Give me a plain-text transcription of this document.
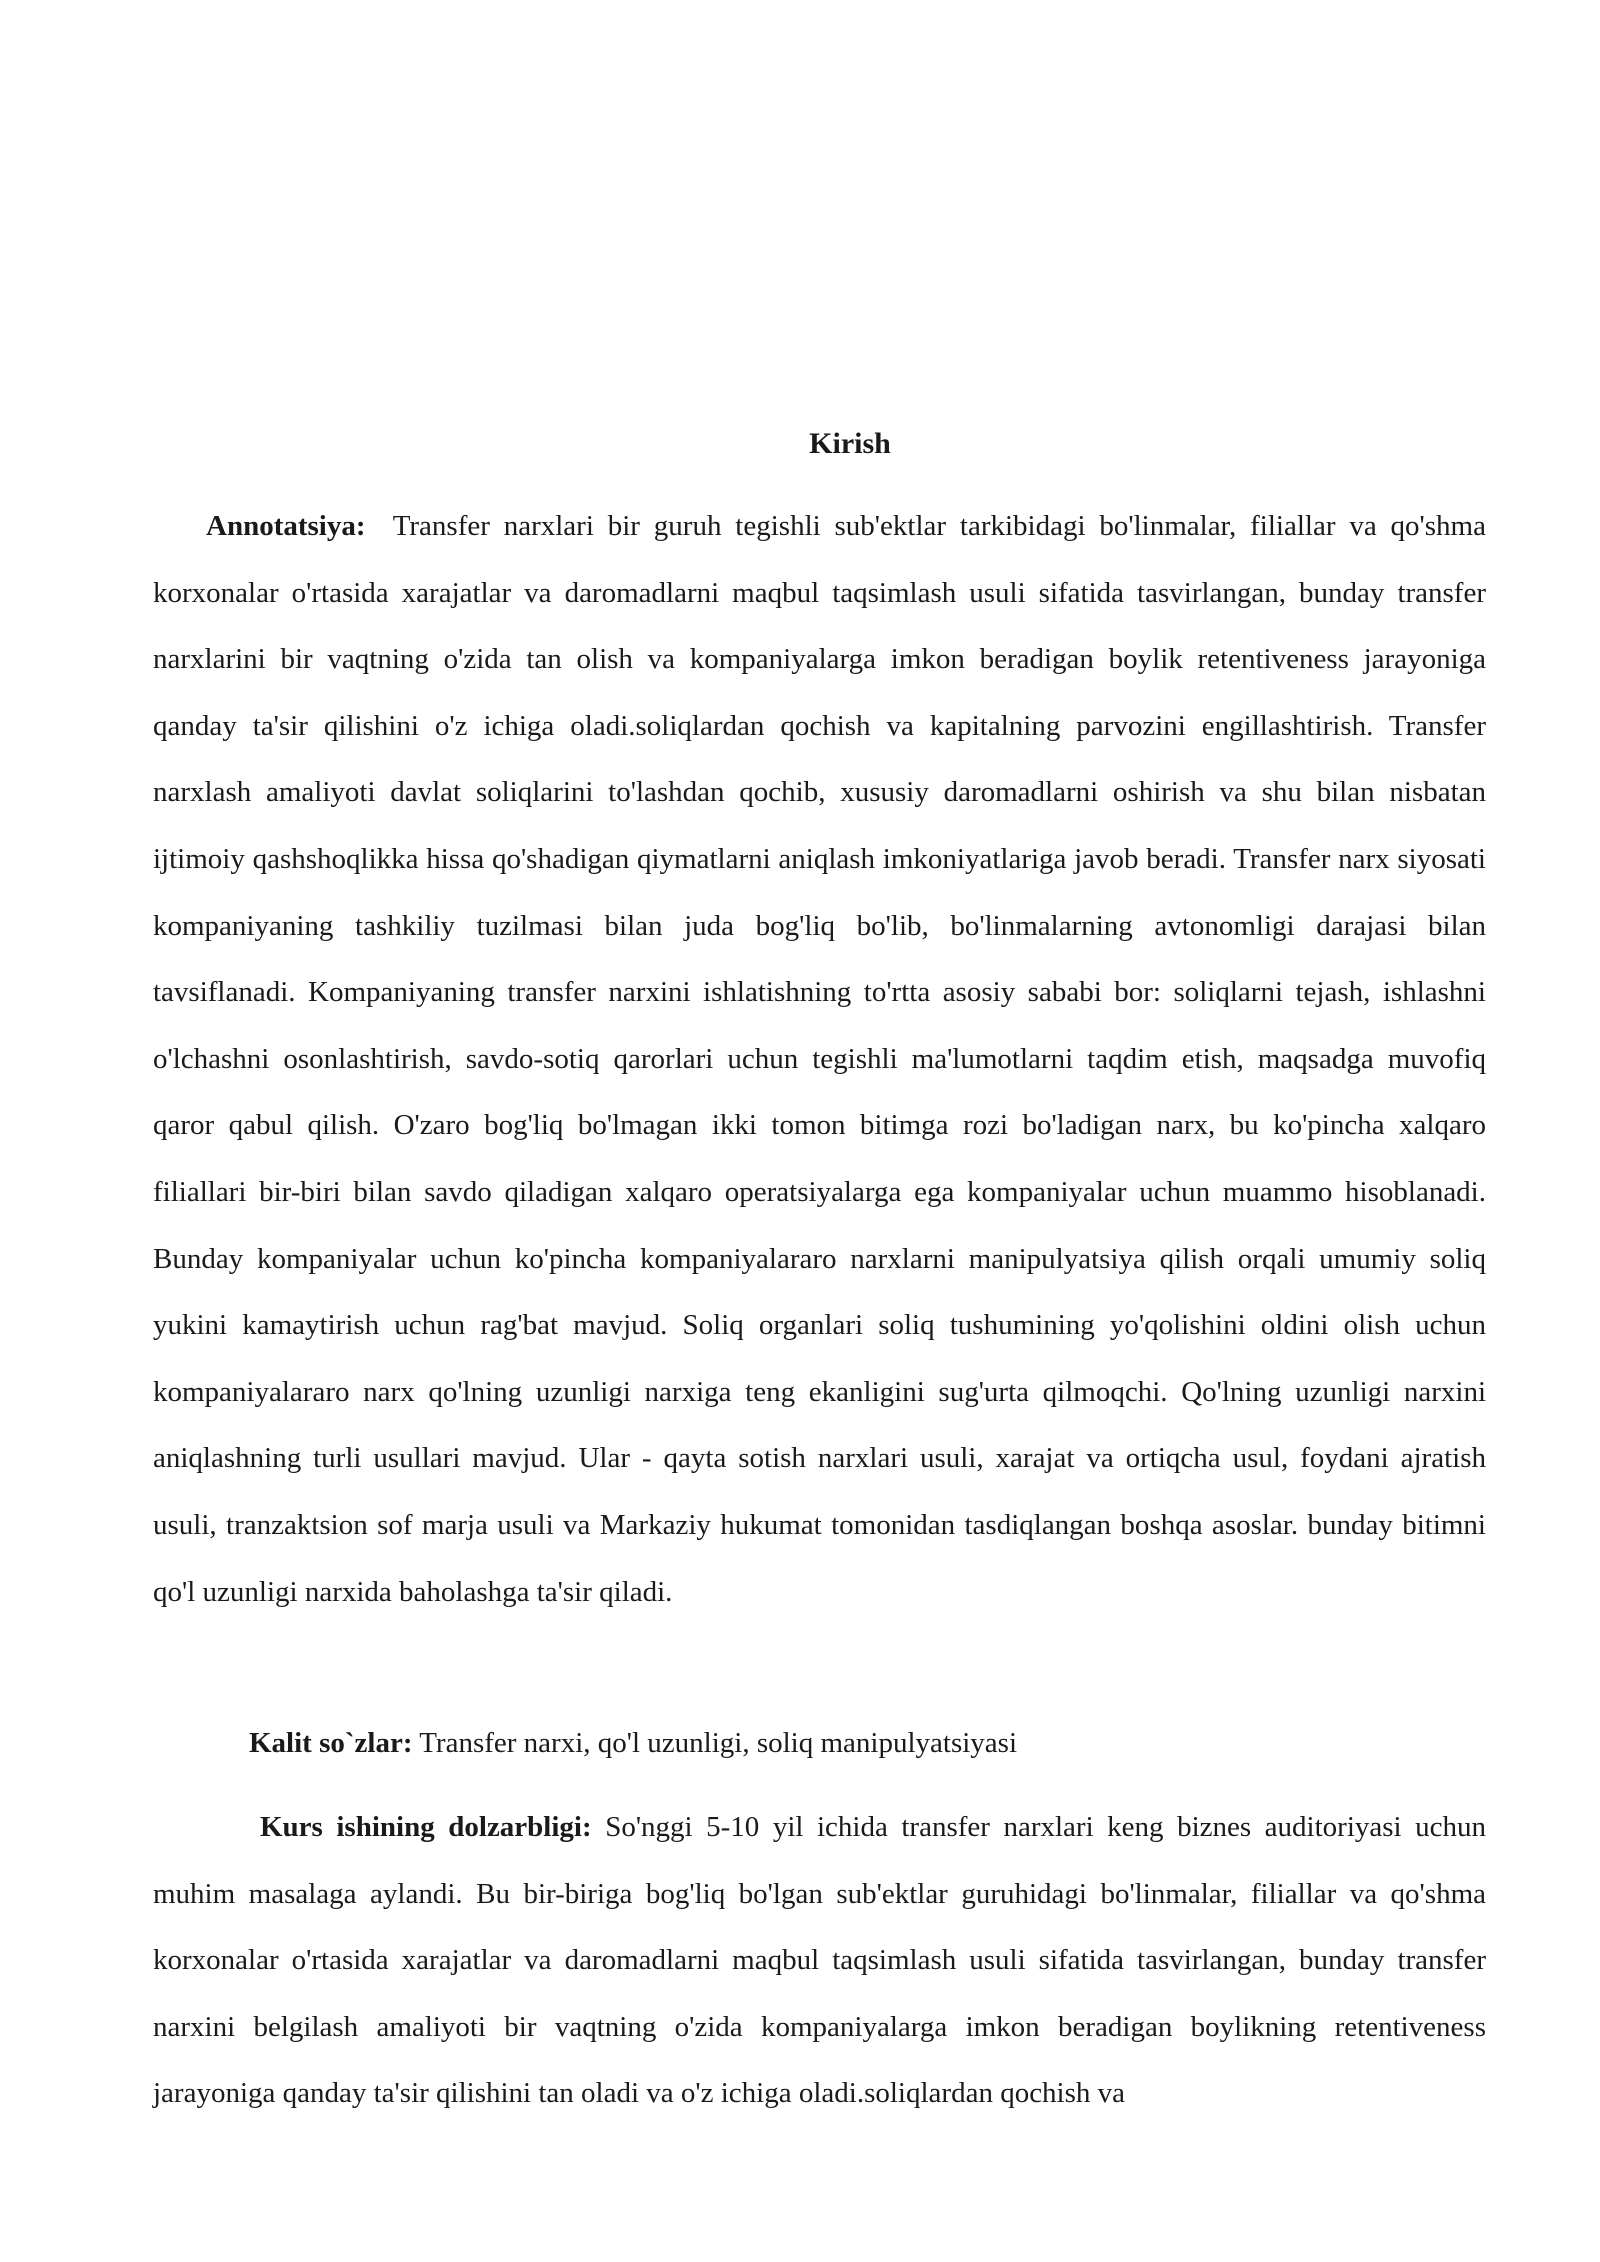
Kirish

Annotatsiya: Transfer narxlari bir guruh tegishli sub'ektlar tarkibidagi bo'linmalar, filiallar va qo'shma korxonalar o'rtasida xarajatlar va daromadlarni maqbul taqsimlash usuli sifatida tasvirlangan, bunday transfer narxlarini bir vaqtning o'zida tan olish va kompaniyalarga imkon beradigan boylik retentiveness jarayoniga qanday ta'sir qilishini o'z ichiga oladi.soliqlardan qochish va kapitalning parvozini engillashtirish. Transfer narxlash amaliyoti davlat soliqlarini to'lashdan qochib, xususiy daromadlarni oshirish va shu bilan nisbatan ijtimoiy qashshoqlikka hissa qo'shadigan qiymatlarni aniqlash imkoniyatlariga javob beradi. Transfer narx siyosati kompaniyaning tashkiliy tuzilmasi bilan juda bog'liq bo'lib, bo'linmalarning avtonomligi darajasi bilan tavsiflanadi. Kompaniyaning transfer narxini ishlatishning to'rtta asosiy sababi bor: soliqlarni tejash, ishlashni o'lchashni osonlashtirish, savdo-sotiq qarorlari uchun tegishli ma'lumotlarni taqdim etish, maqsadga muvofiq qaror qabul qilish. O'zaro bog'liq bo'lmagan ikki tomon bitimga rozi bo'ladigan narx, bu ko'pincha xalqaro filiallari bir-biri bilan savdo qiladigan xalqaro operatsiyalarga ega kompaniyalar uchun muammo hisoblanadi. Bunday kompaniyalar uchun ko'pincha kompaniyalararo narxlarni manipulyatsiya qilish orqali umumiy soliq yukini kamaytirish uchun rag'bat mavjud. Soliq organlari soliq tushumining yo'qolishini oldini olish uchun kompaniyalararo narx qo'lning uzunligi narxiga teng ekanligini sug'urta qilmoqchi. Qo'lning uzunligi narxini aniqlashning turli usullari mavjud. Ular - qayta sotish narxlari usuli, xarajat va ortiqcha usul, foydani ajratish usuli, tranzaktsion sof marja usuli va Markaziy hukumat tomonidan tasdiqlangan boshqa asoslar. bunday bitimni qo'l uzunligi narxida baholashga ta'sir qiladi.

Kalit so`zlar: Transfer narxi, qo'l uzunligi, soliq manipulyatsiyasi

Kurs ishining dolzarbligi: So'nggi 5-10 yil ichida transfer narxlari keng biznes auditoriyasi uchun muhim masalaga aylandi. Bu bir-biriga bog'liq bo'lgan sub'ektlar guruhidagi bo'linmalar, filiallar va qo'shma korxonalar o'rtasida xarajatlar va daromadlarni maqbul taqsimlash usuli sifatida tasvirlangan, bunday transfer narxini belgilash amaliyoti bir vaqtning o'zida kompaniyalarga imkon beradigan boylikning retentiveness jarayoniga qanday ta'sir qilishini tan oladi va o'z ichiga oladi.soliqlardan qochish va
